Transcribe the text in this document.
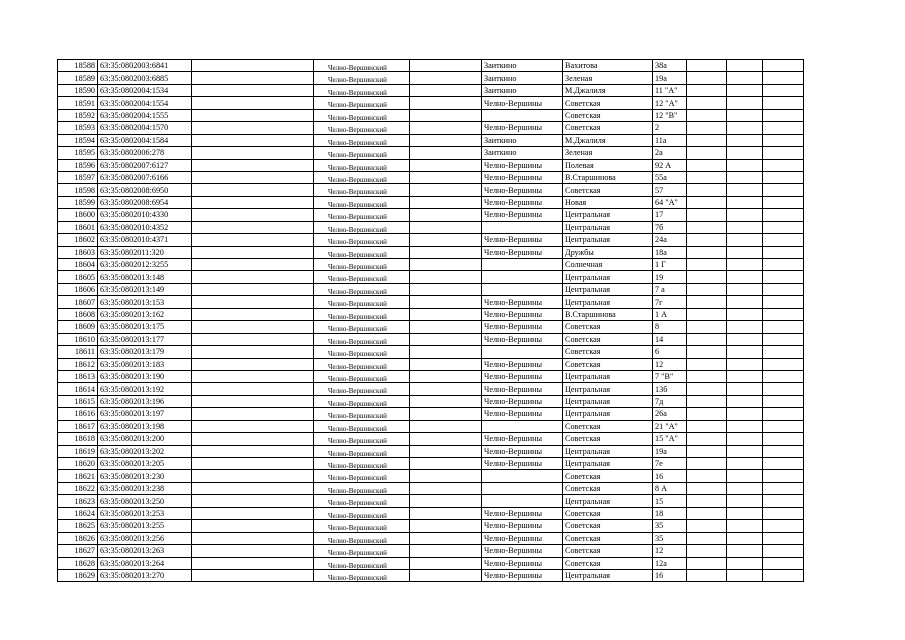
18588	63:35:0802003:6841		Челно-Вершинский		Заиткино	Вахитова	38а			
18589	63:35:0802003:6885		Челно-Вершинский		Заиткино	Зеленая	19а			
18590	63:35:0802004:1534		Челно-Вершинский		Заиткино	М.Джалиля	11 "А"			
18591	63:35:0802004:1554		Челно-Вершинский		Челно-Вершины	Советская	12 "А"			
18592	63:35:0802004:1555		Челно-Вершинский			Советская	12 "В"			
18593	63:35:0802004:1570		Челно-Вершинский		Челно-Вершины	Советская	2			
18594	63:35:0802004:1584		Челно-Вершинский		Заиткино	М.Джалиля	11а			
18595	63:35:0802006:278		Челно-Вершинский		Заиткино	Зеленая	2а			
18596	63:35:0802007:6127		Челно-Вершинский		Челно-Вершины	Полевая	92 А			
18597	63:35:0802007:6166		Челно-Вершинский		Челно-Вершины	В.Старшинова	55а			
18598	63:35:0802008:6950		Челно-Вершинский		Челно-Вершины	Советская	57			
18599	63:35:0802008:6954		Челно-Вершинский		Челно-Вершины	Новая	64 "А"			
18600	63:35:0802010:4330		Челно-Вершинский		Челно-Вершины	Центральная	17			
18601	63:35:0802010:4352		Челно-Вершинский			Центральная	7б			
18602	63:35:0802010:4371		Челно-Вершинский		Челно-Вершины	Центральная	24а			
18603	63:35:0802011:320		Челно-Вершинский		Челно-Вершины	Дружбы	18а			
18604	63:35:0802012:3255		Челно-Вершинский			Солнечная	1 Г			
18605	63:35:0802013:148		Челно-Вершинский			Центральная	19			
18606	63:35:0802013:149		Челно-Вершинский			Центральная	7 а			
18607	63:35:0802013:153		Челно-Вершинский		Челно-Вершины	Центральная	7г			
18608	63:35:0802013:162		Челно-Вершинский		Челно-Вершины	В.Старшинова	1 А			
18609	63:35:0802013:175		Челно-Вершинский		Челно-Вершины	Советская	8			
18610	63:35:0802013:177		Челно-Вершинский		Челно-Вершины	Советская	14			
18611	63:35:0802013:179		Челно-Вершинский			Советская	6			
18612	63:35:0802013:183		Челно-Вершинский		Челно-Вершины	Советская	12			
18613	63:35:0802013:190		Челно-Вершинский		Челно-Вершины	Центральная	7 "В"			
18614	63:35:0802013:192		Челно-Вершинский		Челно-Вершины	Центральная	13б			
18615	63:35:0802013:196		Челно-Вершинский		Челно-Вершины	Центральная	7д			
18616	63:35:0802013:197		Челно-Вершинский		Челно-Вершины	Центральная	26а			
18617	63:35:0802013:198		Челно-Вершинский			Советская	21 "А"			
18618	63:35:0802013:200		Челно-Вершинский		Челно-Вершины	Советская	15 "А"			
18619	63:35:0802013:202		Челно-Вершинский		Челно-Вершины	Центральная	19а			
18620	63:35:0802013:205		Челно-Вершинский		Челно-Вершины	Центральная	7е			
18621	63:35:0802013:230		Челно-Вершинский			Советская	16			
18622	63:35:0802013:238		Челно-Вершинский			Советская	8 А			
18623	63:35:0802013:250		Челно-Вершинский			Центральная	15			
18624	63:35:0802013:253		Челно-Вершинский		Челно-Вершины	Советская	18			
18625	63:35:0802013:255		Челно-Вершинский		Челно-Вершины	Советская	35			
18626	63:35:0802013:256		Челно-Вершинский		Челно-Вершины	Советская	35			
18627	63:35:0802013:263		Челно-Вершинский		Челно-Вершины	Советская	12			
18628	63:35:0802013:264		Челно-Вершинский		Челно-Вершины	Советская	12а			
18629	63:35:0802013:270		Челно-Вершинский		Челно-Вершины	Центральная	16			
